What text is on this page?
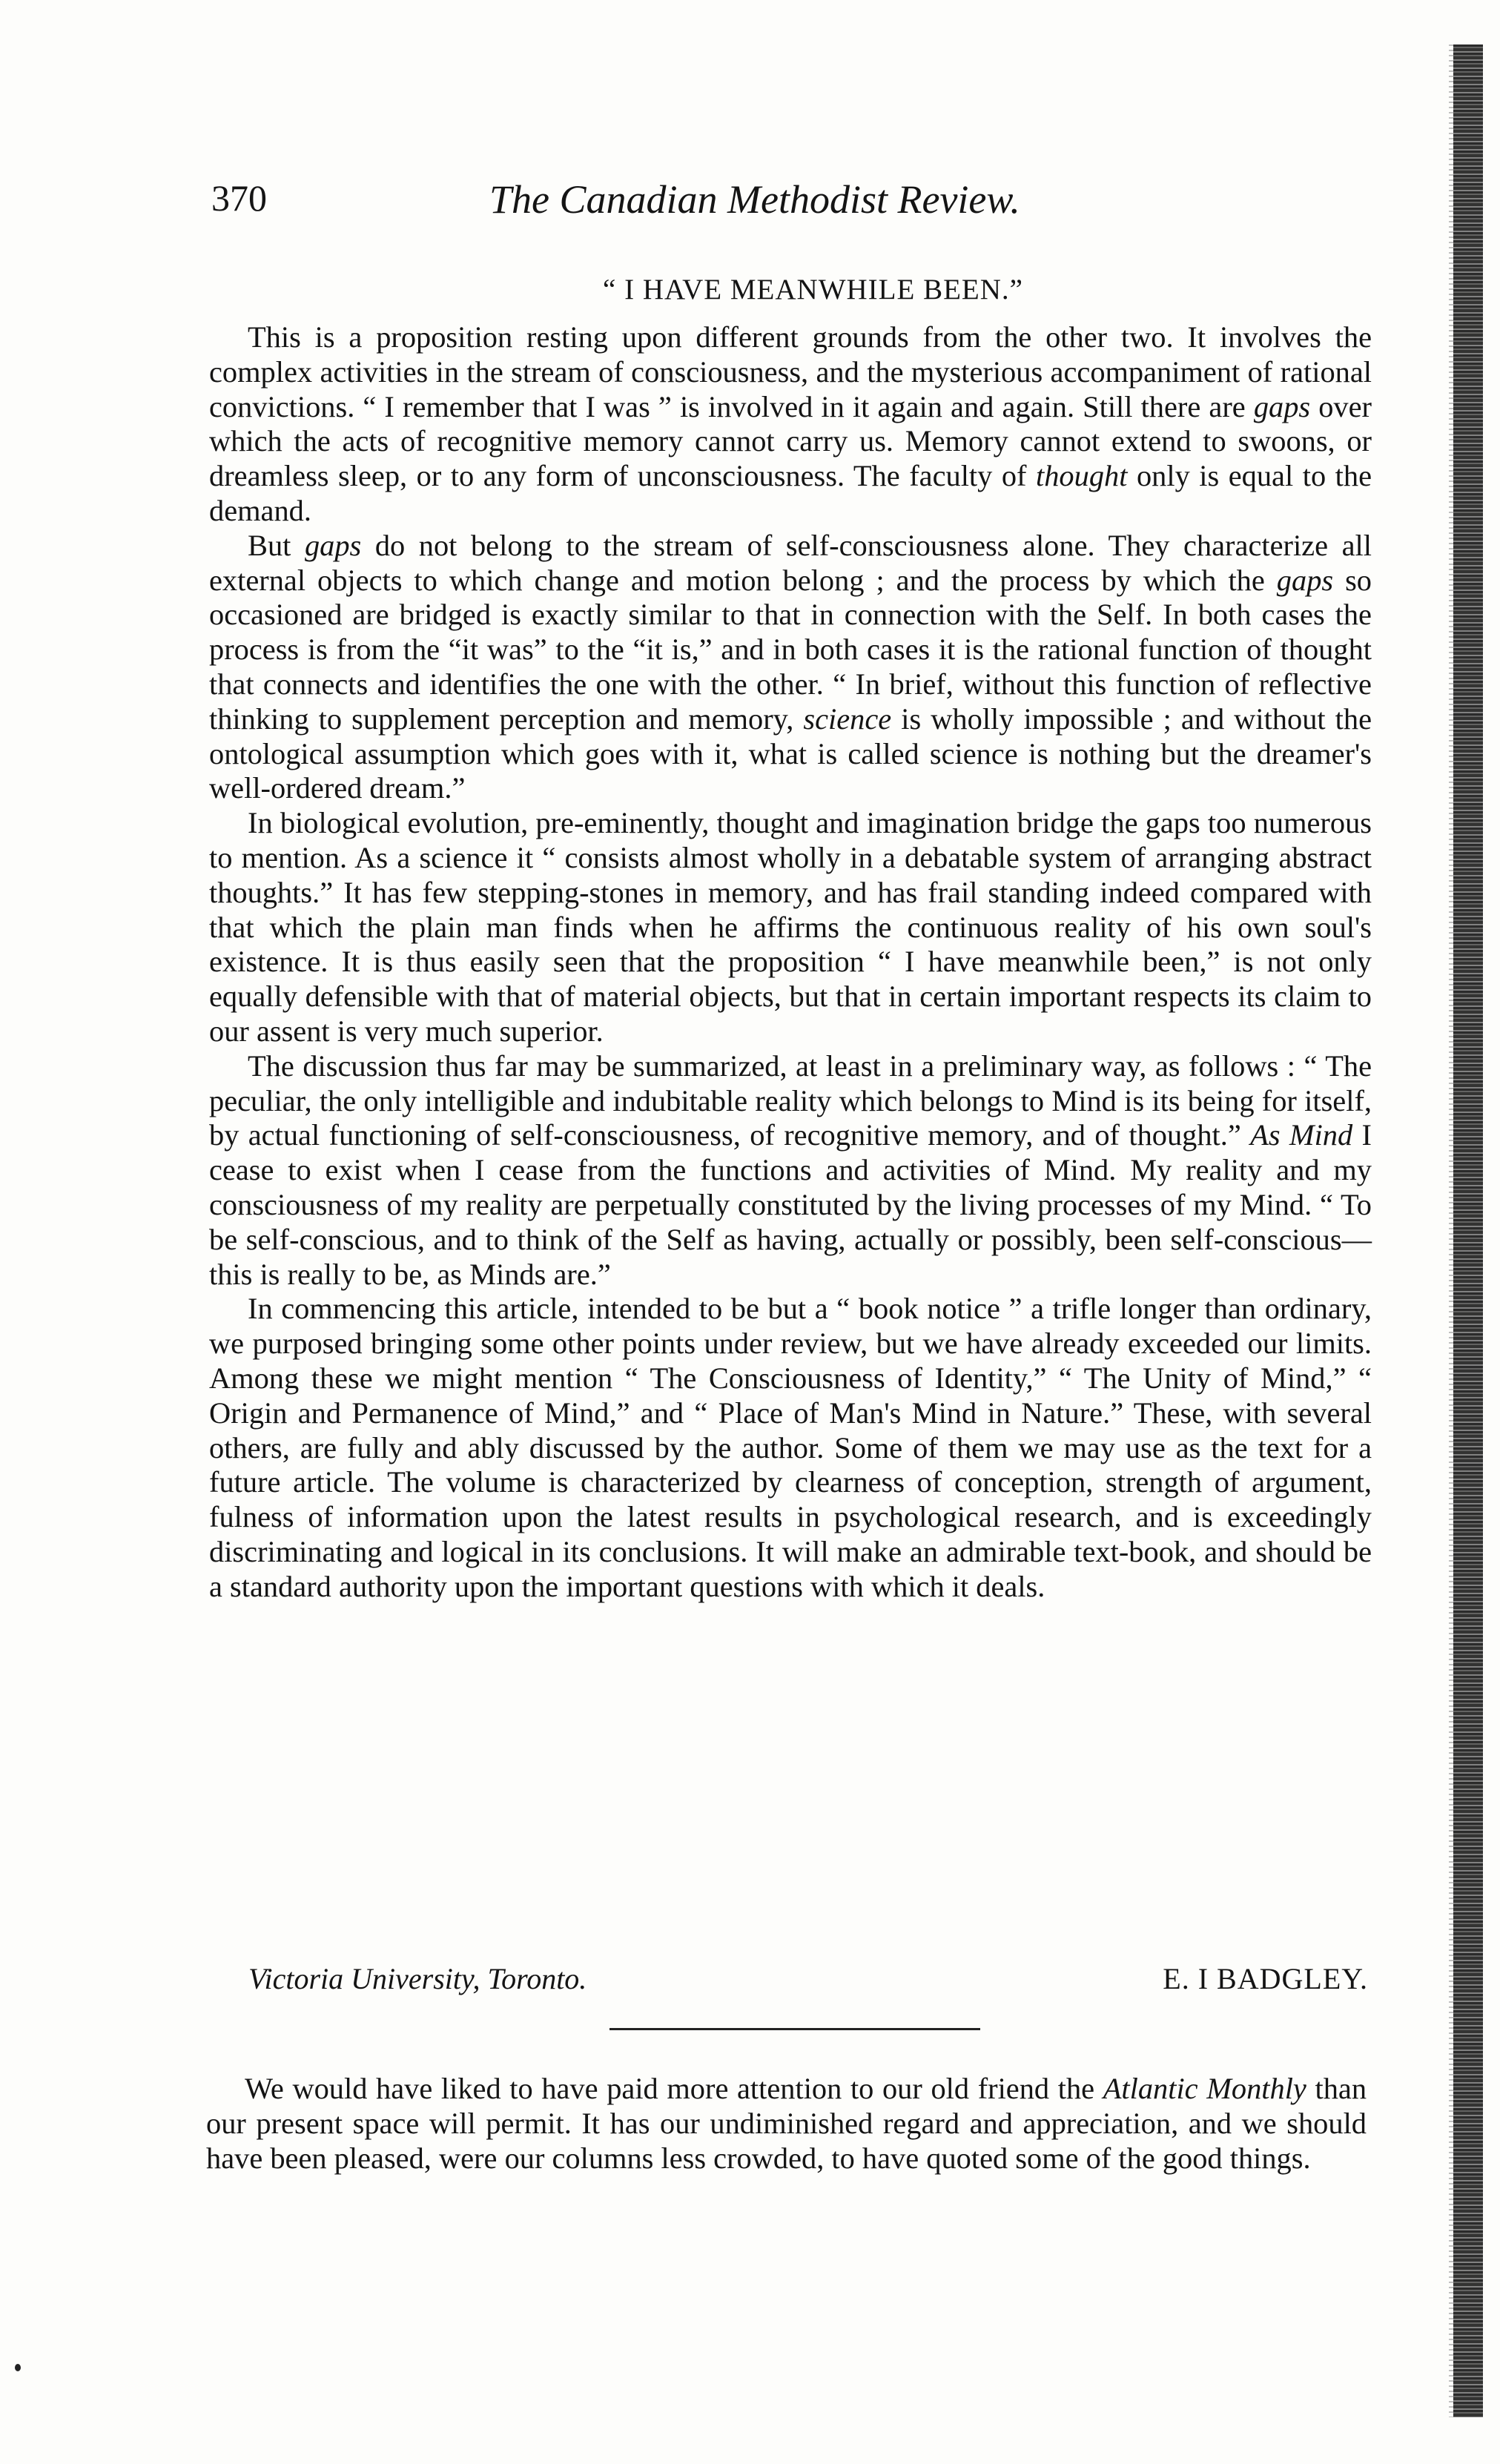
370	The Canadian Methodist Review.
“ I HAVE MEANWHILE BEEN.”

This is a proposition resting upon different grounds from the other two. It involves the complex activities in the stream of consciousness, and the mysterious accompaniment of rational convictions. “ I remember that I was ” is involved in it again and again. Still there are gaps over which the acts of recognitive memory cannot carry us. Memory cannot extend to swoons, or dreamless sleep, or to any form of unconsciousness. The faculty of thought only is equal to the demand.

But gaps do not belong to the stream of self-consciousness alone. They characterize all external objects to which change and motion belong ; and the process by which the gaps so occasioned are bridged is exactly similar to that in connection with the Self. In both cases the process is from the “it was” to the “it is,” and in both cases it is the rational function of thought that connects and identifies the one with the other. “ In brief, without this function of reflective thinking to supplement perception and memory, science is wholly impossible ; and without the ontological assumption which goes with it, what is called science is nothing but the dreamer's well-ordered dream.”

In biological evolution, pre-eminently, thought and imagination bridge the gaps too numerous to mention. As a science it “ consists almost wholly in a debatable system of arranging abstract thoughts.” It has few stepping-stones in memory, and has frail standing indeed compared with that which the plain man finds when he affirms the continuous reality of his own soul's existence. It is thus easily seen that the proposition “ I have meanwhile been,” is not only equally defensible with that of material objects, but that in certain important respects its claim to our assent is very much superior.

The discussion thus far may be summarized, at least in a preliminary way, as follows : “ The peculiar, the only intelligible and indubitable reality which belongs to Mind is its being for itself, by actual functioning of self-consciousness, of recognitive memory, and of thought.” As Mind I cease to exist when I cease from the functions and activities of Mind. My reality and my consciousness of my reality are perpetually constituted by the living processes of my Mind. “ To be self-conscious, and to think of the Self as having, actually or possibly, been self-conscious—this is really to be, as Minds are.”

In commencing this article, intended to be but a “ book notice ” a trifle longer than ordinary, we purposed bringing some other points under review, but we have already exceeded our limits. Among these we might mention “ The Consciousness of Identity,” “ The Unity of Mind,” “ Origin and Permanence of Mind,” and “ Place of Man's Mind in Nature.” These, with several others, are fully and ably discussed by the author. Some of them we may use as the text for a future article. The volume is characterized by clearness of conception, strength of argument, fulness of information upon the latest results in psychological research, and is exceedingly discriminating and logical in its conclusions. It will make an admirable text-book, and should be a standard authority upon the important questions with which it deals.

Victoria University, Toronto.	E. I BADGLEY.

We would have liked to have paid more attention to our old friend the Atlantic Monthly than our present space will permit. It has our undiminished regard and appreciation, and we should have been pleased, were our columns less crowded, to have quoted some of the good things.
